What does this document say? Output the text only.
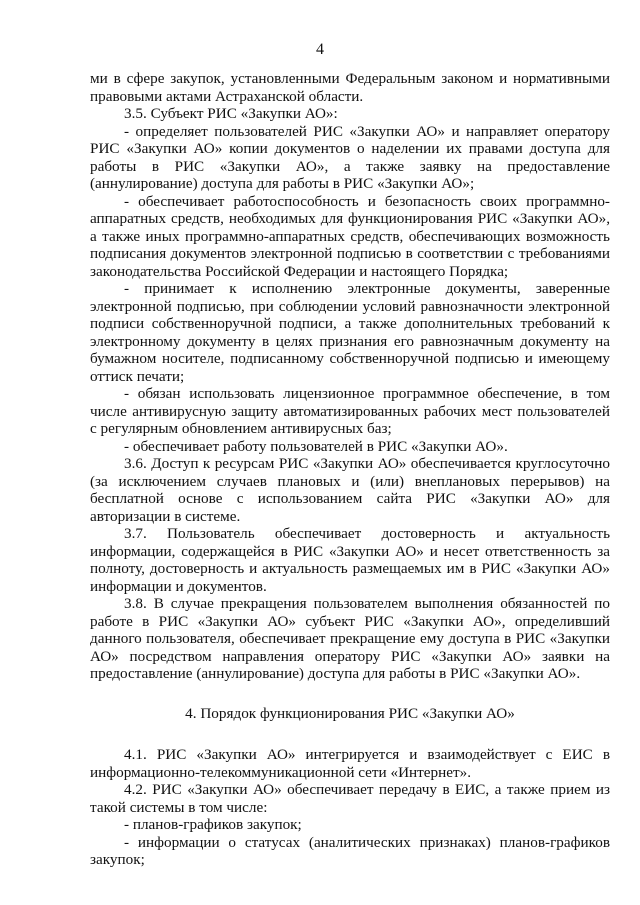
4

ми в сфере закупок, установленными Федеральным законом и нормативными правовыми актами Астраханской области.

3.5. Субъект РИС «Закупки АО»:

- определяет пользователей РИС «Закупки АО» и направляет оператору РИС «Закупки АО» копии документов о наделении их правами доступа для работы в РИС «Закупки АО», а также заявку на предоставление (аннулирование) доступа для работы в РИС «Закупки АО»;

- обеспечивает работоспособность и безопасность своих программно-аппаратных средств, необходимых для функционирования РИС «Закупки АО», а также иных программно-аппаратных средств, обеспечивающих возможность подписания документов электронной подписью в соответствии с требованиями законодательства Российской Федерации и настоящего Порядка;

- принимает к исполнению электронные документы, заверенные электронной подписью, при соблюдении условий равнозначности электронной подписи собственноручной подписи, а также дополнительных требований к электронному документу в целях признания его равнозначным документу на бумажном носителе, подписанному собственноручной подписью и имеющему оттиск печати;

- обязан использовать лицензионное программное обеспечение, в том числе антивирусную защиту автоматизированных рабочих мест пользователей с регулярным обновлением антивирусных баз;

- обеспечивает работу пользователей в РИС «Закупки АО».

3.6. Доступ к ресурсам РИС «Закупки АО» обеспечивается круглосуточно (за исключением случаев плановых и (или) внеплановых перерывов) на бесплатной основе с использованием сайта РИС «Закупки АО» для авторизации в системе.

3.7. Пользователь обеспечивает достоверность и актуальность информации, содержащейся в РИС «Закупки АО» и несет ответственность за полноту, достоверность и актуальность размещаемых им в РИС «Закупки АО» информации и документов.

3.8. В случае прекращения пользователем выполнения обязанностей по работе в РИС «Закупки АО» субъект РИС «Закупки АО», определивший данного пользователя, обеспечивает прекращение ему доступа в РИС «Закупки АО» посредством направления оператору РИС «Закупки АО» заявки на предоставление (аннулирование) доступа для работы в РИС «Закупки АО».

4. Порядок функционирования РИС «Закупки АО»

4.1. РИС «Закупки АО» интегрируется и взаимодействует с ЕИС в информационно-телекоммуникационной сети «Интернет».

4.2. РИС «Закупки АО» обеспечивает передачу в ЕИС, а также прием из такой системы в том числе:

- планов-графиков закупок;

- информации о статусах (аналитических признаках) планов-графиков закупок;
